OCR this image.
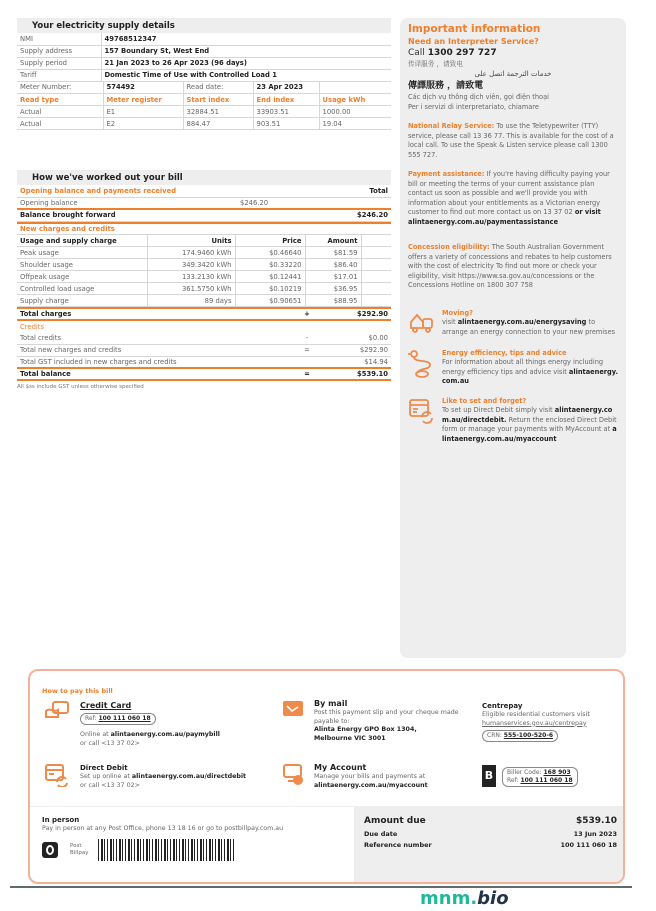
Your electricity supply details
NMI	49768512347
Supply address	157 Boundary St, West End
Supply period	21 Jan 2023 to 26 Apr 2023 (96 days)
Tariff	Domestic Time of Use with Controlled Load 1
Meter Number:	574492	Read date:	23 Apr 2023	
Read type	Meter register	Start index	End index	Usage kWh
Actual	E1	32884.51	33903.51	1000.00
Actual	E2	884.47	903.51	19.04
How we've worked out your bill
Opening balance and payments received		Total
Opening balance	$246.20	
Balance brought forward		$246.20
New charges and credits				
Usage and supply charge	Units	Price	Amount	
Peak usage	174.9460 kWh	$0.46640	$81.59	
Shoulder usage	349.3420 kWh	$0.33220	$86.40	
Offpeak usage	133.2130 kWh	$0.12441	$17.01	
Controlled load usage	361.5750 kWh	$0.10219	$36.95	
Supply charge	89 days	$0.90651	$88.95	
Total charges	+	$292.90
Credits		
Total credits	-	$0.00
Total new charges and credits	=	$292.90
Total GST included in new charges and credits		$14.94
Total balance	=	$539.10
All $ss include GST unless otherwise specified
Important information
Need an Interpreter Service?
Call 1300 297 727
传译服务 ，请致电
خدمات الترجمة اتصل على
傳譯服務 ，請致電
Các dịch vụ thông dịch viên, gọi điện thoại
Per i servizi di interpretariato, chiamare
National Relay Service: To use the Teletypewriter (TTY) service, please call 13 36 77. This is available for the cost of a local call. To use the Speak & Listen service please call 1300 555 727.
Payment assistance: If you're having difficulty paying your bill or meeting the terms of your current assistance plan contact us soon as possible and we'll provide you with information about your entitlements as a Victorian energy customer to find out more contact us on 13 37 02 or visit alintaenergy.com.au/paymentassistance
Concession eligibility: The South Australian Government offers a variety of concessions and rebates to help customers with the cost of electricity To find out more or check your eligibility, visit https://www.sa.gov.au/concessions or the Concessions Hotline on 1800 307 758
Moving?
visit alintaenergy.com.au/energysaving to arrange an energy connection to your new premises
Energy efficiency, tips and advice
For information about all things energy including energy efficiency tips and advice visit alintaenergy.com.au
Like to set and forget?
To set up Direct Debit simply visit alintaenergy.com.au/directdebit. Return the enclosed Direct Debit form or manage your payments with MyAccount at alintaenergy.com.au/myaccount
How to pay this bill
Credit Card
Ref: 100 111 060 18
Online at alintaenergy.com.au/paymybill
or call <13 37 02>
Direct Debit
Set up online at alintaenergy.com.au/directdebit
or call <13 37 02>
By mail
Post this payment slip and your cheque made payable to:
Alinta Energy GPO Box 1304,
Melbourne VIC 3001
My Account
Manage your bills and payments at
alintaenergy.com.au/myaccount
Centrepay
Eligible residential customers visit
humanservices.gov.au/centrepay
CRN: 555-100-520-6
B	Biller Code: 168 903
Ref: 100 111 060 18
In person
Pay in person at any Post Office, phone 13 18 16 or go to postbillpay.com.au
Post
Billpay
Amount due	$539.10
Due date	13 Jun 2023
Reference number	100 111 060 18
mnm.bio
